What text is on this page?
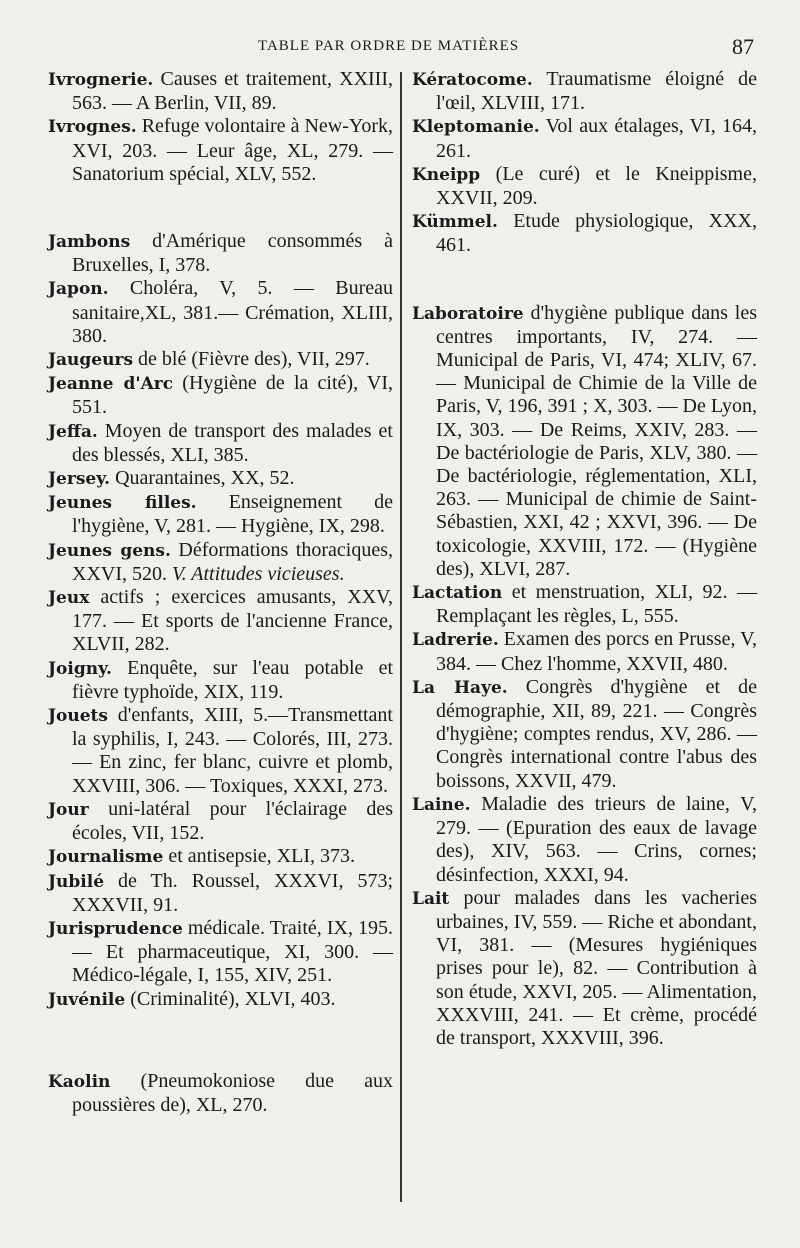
TABLE PAR ORDRE DE MATIÈRES	87
Ivrognerie. Causes et traitement, XXIII, 563. — A Berlin, VII, 89.
Ivrognes. Refuge volontaire à New-York, XVI, 203. — Leur âge, XL, 279. — Sanatorium spécial, XLV, 552.
Jambons d'Amérique consommés à Bruxelles, I, 378.
Japon. Choléra, V, 5. — Bureau sanitaire,XL, 381.— Crémation, XLIII, 380.
Jaugeurs de blé (Fièvre des), VII, 297.
Jeanne d'Arc (Hygiène de la cité), VI, 551.
Jeffa. Moyen de transport des malades et des blessés, XLI, 385.
Jersey. Quarantaines, XX, 52.
Jeunes filles. Enseignement de l'hygiène, V, 281. — Hygiène, IX, 298.
Jeunes gens. Déformations thoraciques, XXVI, 520. V. Attitudes vicieuses.
Jeux actifs ; exercices amusants, XXV, 177. — Et sports de l'ancienne France, XLVII, 282.
Joigny. Enquête, sur l'eau potable et fièvre typhoïde, XIX, 119.
Jouets d'enfants, XIII, 5.—Transmettant la syphilis, I, 243. — Colorés, III, 273. — En zinc, fer blanc, cuivre et plomb, XXVIII, 306. — Toxiques, XXXI, 273.
Jour uni-latéral pour l'éclairage des écoles, VII, 152.
Journalisme et antisepsie, XLI, 373.
Jubilé de Th. Roussel, XXXVI, 573; XXXVII, 91.
Jurisprudence médicale. Traité, IX, 195. — Et pharmaceutique, XI, 300. — Médico-légale, I, 155, XIV, 251.
Juvénile (Criminalité), XLVI, 403.
Kaolin (Pneumokoniose due aux poussières de), XL, 270.
Kératocome. Traumatisme éloigné de l'œil, XLVIII, 171.
Kleptomanie. Vol aux étalages, VI, 164, 261.
Kneipp (Le curé) et le Kneippisme, XXVII, 209.
Kümmel. Etude physiologique, XXX, 461.
Laboratoire d'hygiène publique dans les centres importants, IV, 274. — Municipal de Paris, VI, 474; XLIV, 67. — Municipal de Chimie de la Ville de Paris, V, 196, 391 ; X, 303. — De Lyon, IX, 303. — De Reims, XXIV, 283. — De bactériologie de Paris, XLV, 380. — De bactériologie, réglementation, XLI, 263. — Municipal de chimie de Saint-Sébastien, XXI, 42 ; XXVI, 396. — De toxicologie, XXVIII, 172. — (Hygiène des), XLVI, 287.
Lactation et menstruation, XLI, 92. — Remplaçant les règles, L, 555.
Ladrerie. Examen des porcs en Prusse, V, 384. — Chez l'homme, XXVII, 480.
La Haye. Congrès d'hygiène et de démographie, XII, 89, 221. — Congrès d'hygiène; comptes rendus, XV, 286. — Congrès international contre l'abus des boissons, XXVII, 479.
Laine. Maladie des trieurs de laine, V, 279. — (Epuration des eaux de lavage des), XIV, 563. — Crins, cornes; désinfection, XXXI, 94.
Lait pour malades dans les vacheries urbaines, IV, 559. — Riche et abondant, VI, 381. — (Mesures hygiéniques prises pour le), 82. — Contribution à son étude, XXVI, 205. — Alimentation, XXXVIII, 241. — Et crème, procédé de transport, XXXVIII, 396.
